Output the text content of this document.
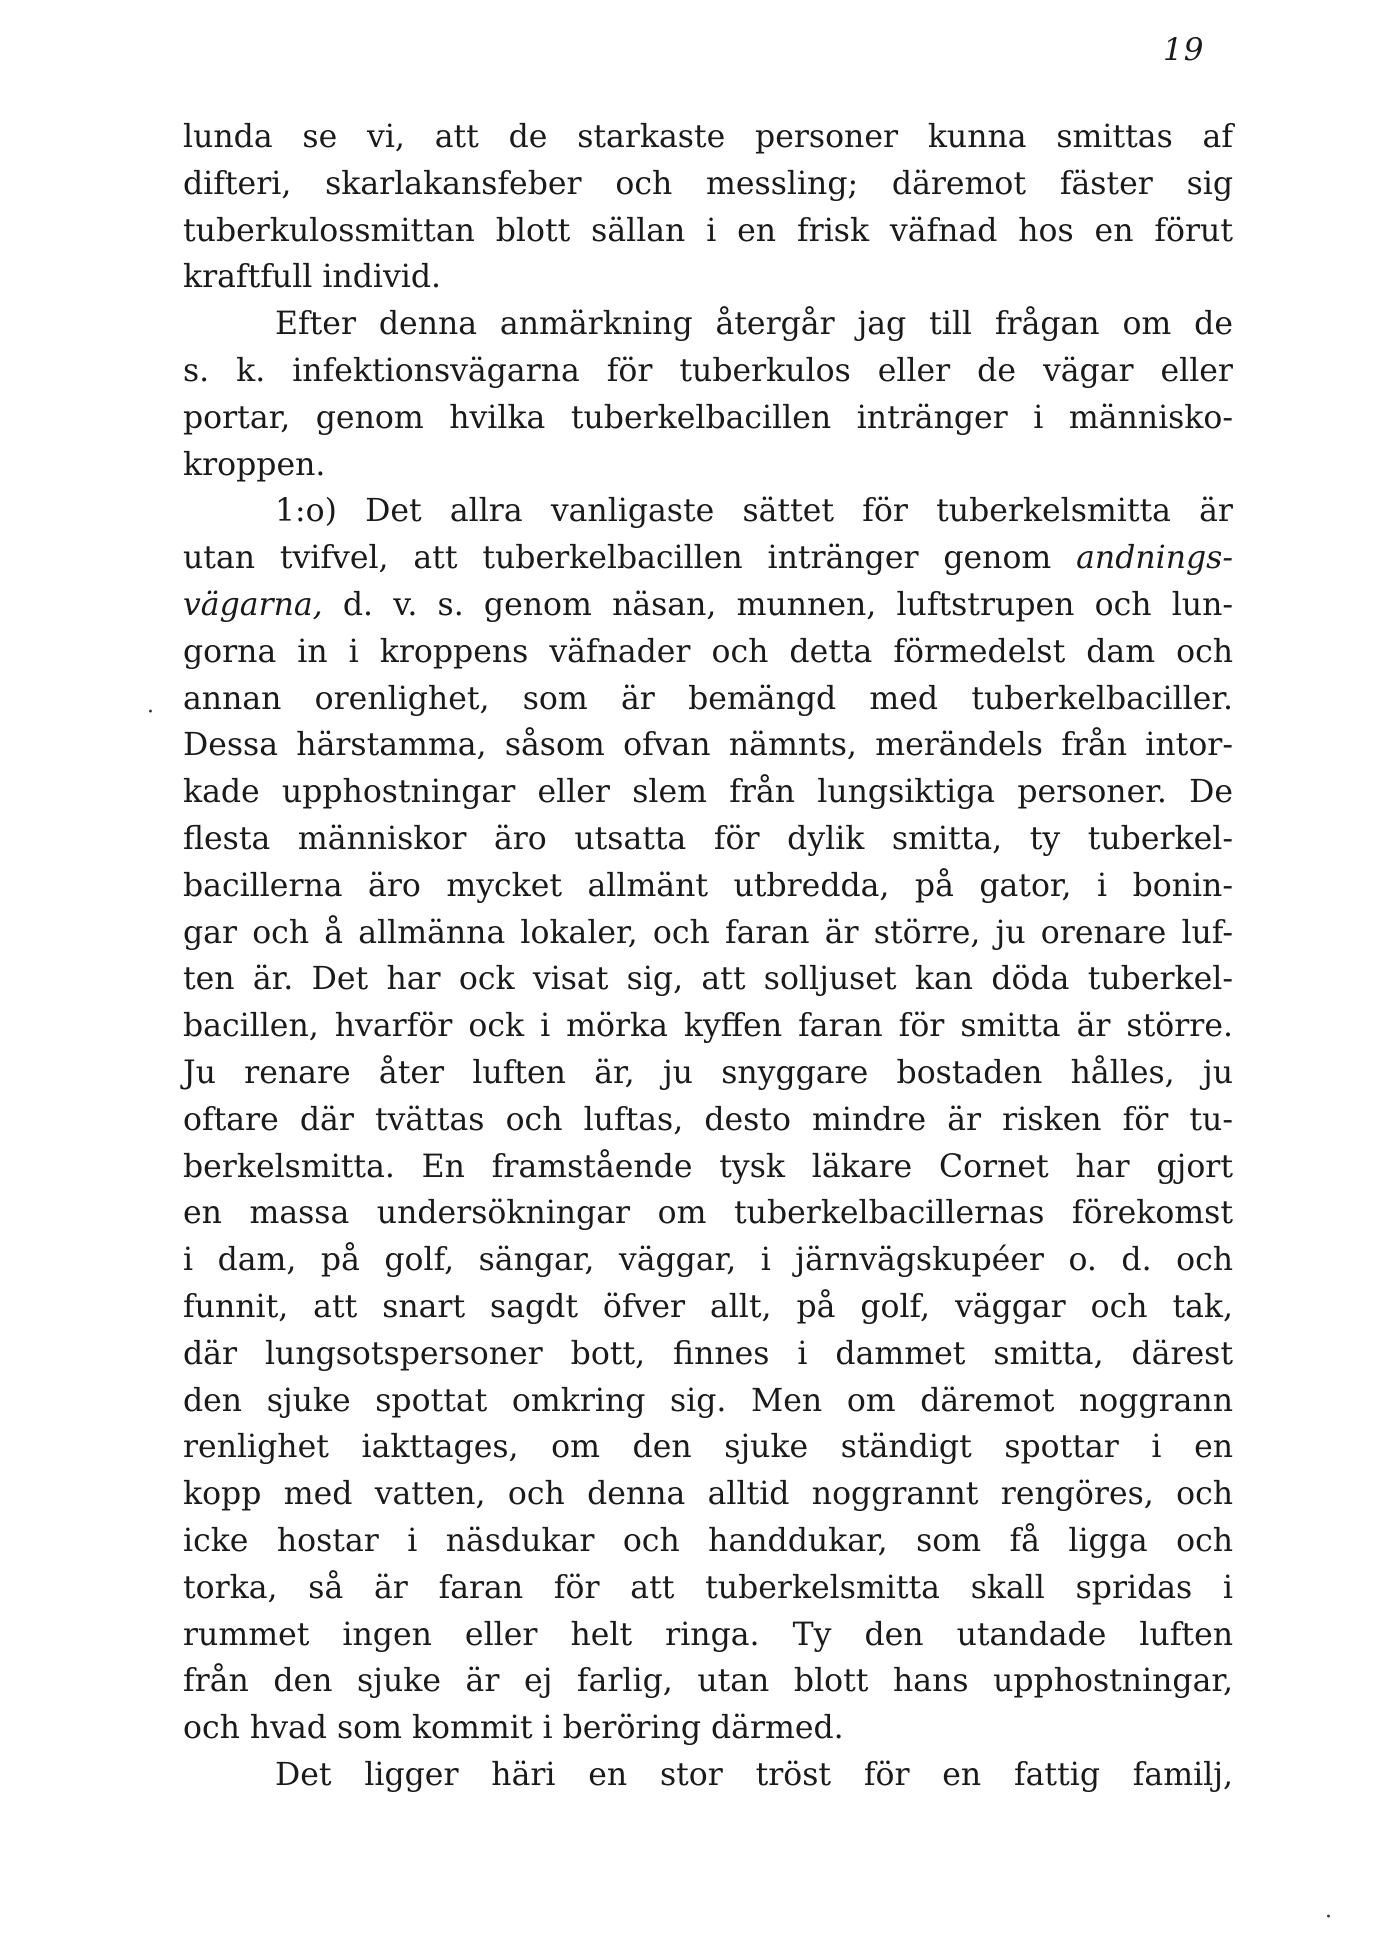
19
lunda se vi, att de starkaste personer kunna smittas af
difteri, skarlakansfeber och messling; däremot fäster sig
tuberkulossmittan blott sällan i en frisk väfnad hos en förut
kraftfull individ.
Efter denna anmärkning återgår jag till frågan om de
s. k. infektionsvägarna för tuberkulos eller de vägar eller
portar, genom hvilka tuberkelbacillen intränger i människo-
kroppen.
1:o) Det allra vanligaste sättet för tuberkelsmitta är
utan tvifvel, att tuberkelbacillen intränger genom andnings-
vägarna, d. v. s. genom näsan, munnen, luftstrupen och lun-
gorna in i kroppens väfnader och detta förmedelst dam och
annan orenlighet, som är bemängd med tuberkelbaciller.
Dessa härstamma, såsom ofvan nämnts, merändels från intor-
kade upphostningar eller slem från lungsiktiga personer. De
flesta människor äro utsatta för dylik smitta, ty tuberkel-
bacillerna äro mycket allmänt utbredda, på gator, i bonin-
gar och å allmänna lokaler, och faran är större, ju orenare luf-
ten är. Det har ock visat sig, att solljuset kan döda tuberkel-
bacillen, hvarför ock i mörka kyffen faran för smitta är större.
Ju renare åter luften är, ju snyggare bostaden hålles, ju
oftare där tvättas och luftas, desto mindre är risken för tu-
berkelsmitta. En framstående tysk läkare Cornet har gjort
en massa undersökningar om tuberkelbacillernas förekomst
i dam, på golf, sängar, väggar, i järnvägskupéer o. d. och
funnit, att snart sagdt öfver allt, på golf, väggar och tak,
där lungsotspersoner bott, finnes i dammet smitta, därest
den sjuke spottat omkring sig. Men om däremot noggrann
renlighet iakttages, om den sjuke ständigt spottar i en
kopp med vatten, och denna alltid noggrannt rengöres, och
icke hostar i näsdukar och handdukar, som få ligga och
torka, så är faran för att tuberkelsmitta skall spridas i
rummet ingen eller helt ringa. Ty den utandade luften
från den sjuke är ej farlig, utan blott hans upphostningar,
och hvad som kommit i beröring därmed.
Det ligger häri en stor tröst för en fattig familj,
·
·
